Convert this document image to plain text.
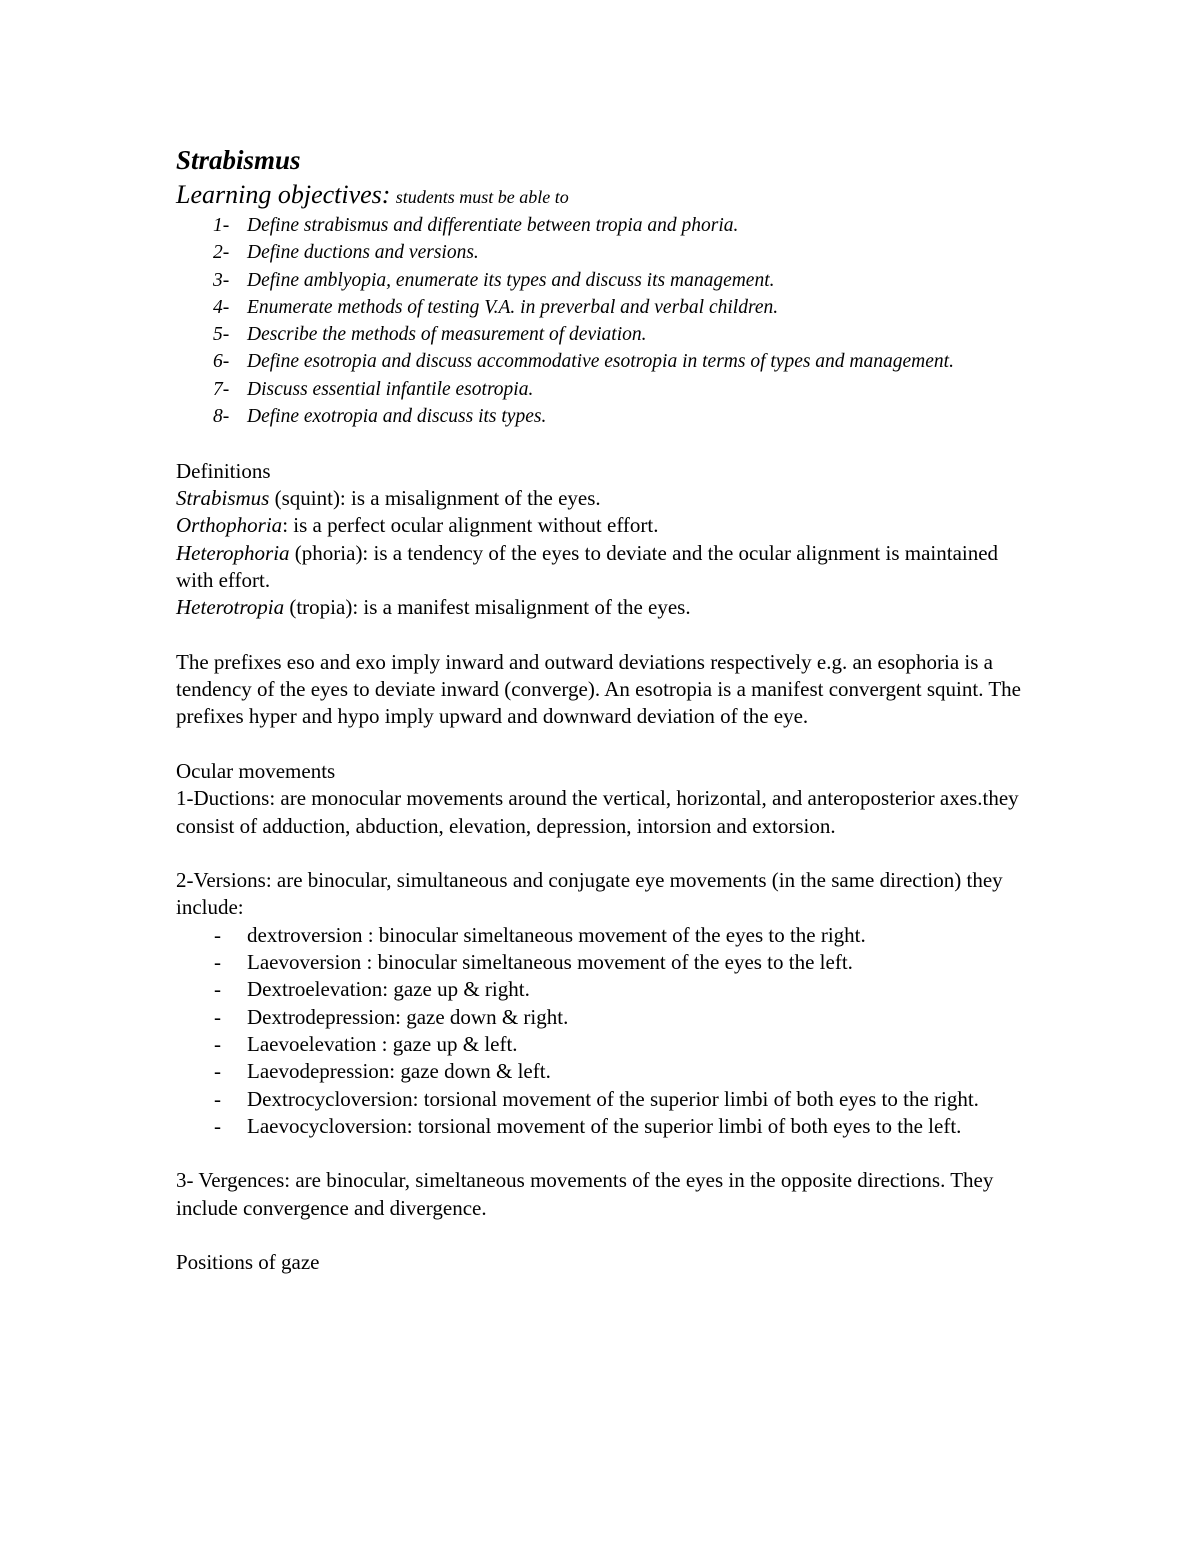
Strabismus
Learning objectives: students must be able to
1- Define strabismus and differentiate between tropia and phoria.
2- Define ductions and versions.
3- Define amblyopia, enumerate its types and discuss its management.
4- Enumerate methods of testing V.A. in preverbal and verbal children.
5- Describe the methods of measurement of deviation.
6- Define esotropia and discuss accommodative esotropia in terms of types and management.
7- Discuss essential infantile esotropia.
8- Define exotropia and discuss its types.

Definitions

Strabismus (squint): is a misalignment of the eyes.

Orthophoria: is a perfect ocular alignment without effort.

Heterophoria (phoria): is a tendency of the eyes to deviate and the ocular alignment is maintained with effort.

Heterotropia (tropia): is a manifest misalignment of the eyes.

The prefixes eso and exo imply inward and outward deviations respectively e.g. an esophoria is a tendency of the eyes to deviate inward (converge). An esotropia is a manifest convergent squint. The prefixes hyper and hypo imply upward and downward deviation of the eye.

Ocular movements

1-Ductions: are monocular movements around the vertical, horizontal, and anteroposterior axes.they consist of adduction, abduction, elevation, depression, intorsion and extorsion.

2-Versions: are binocular, simultaneous and conjugate eye movements (in the same direction) they include:

- dextroversion : binocular simeltaneous movement of the eyes to the right.
- Laevoversion : binocular simeltaneous movement of the eyes to the left.
- Dextroelevation: gaze up & right.
- Dextrodepression: gaze down & right.
- Laevoelevation : gaze up & left.
- Laevodepression: gaze down & left.
- Dextrocycloversion: torsional movement of the superior limbi of both eyes to the right.
- Laevocycloversion: torsional movement of the superior limbi of both eyes to the left.

3- Vergences: are binocular, simeltaneous movements of the eyes in the opposite directions. They include convergence and divergence.

Positions of gaze
